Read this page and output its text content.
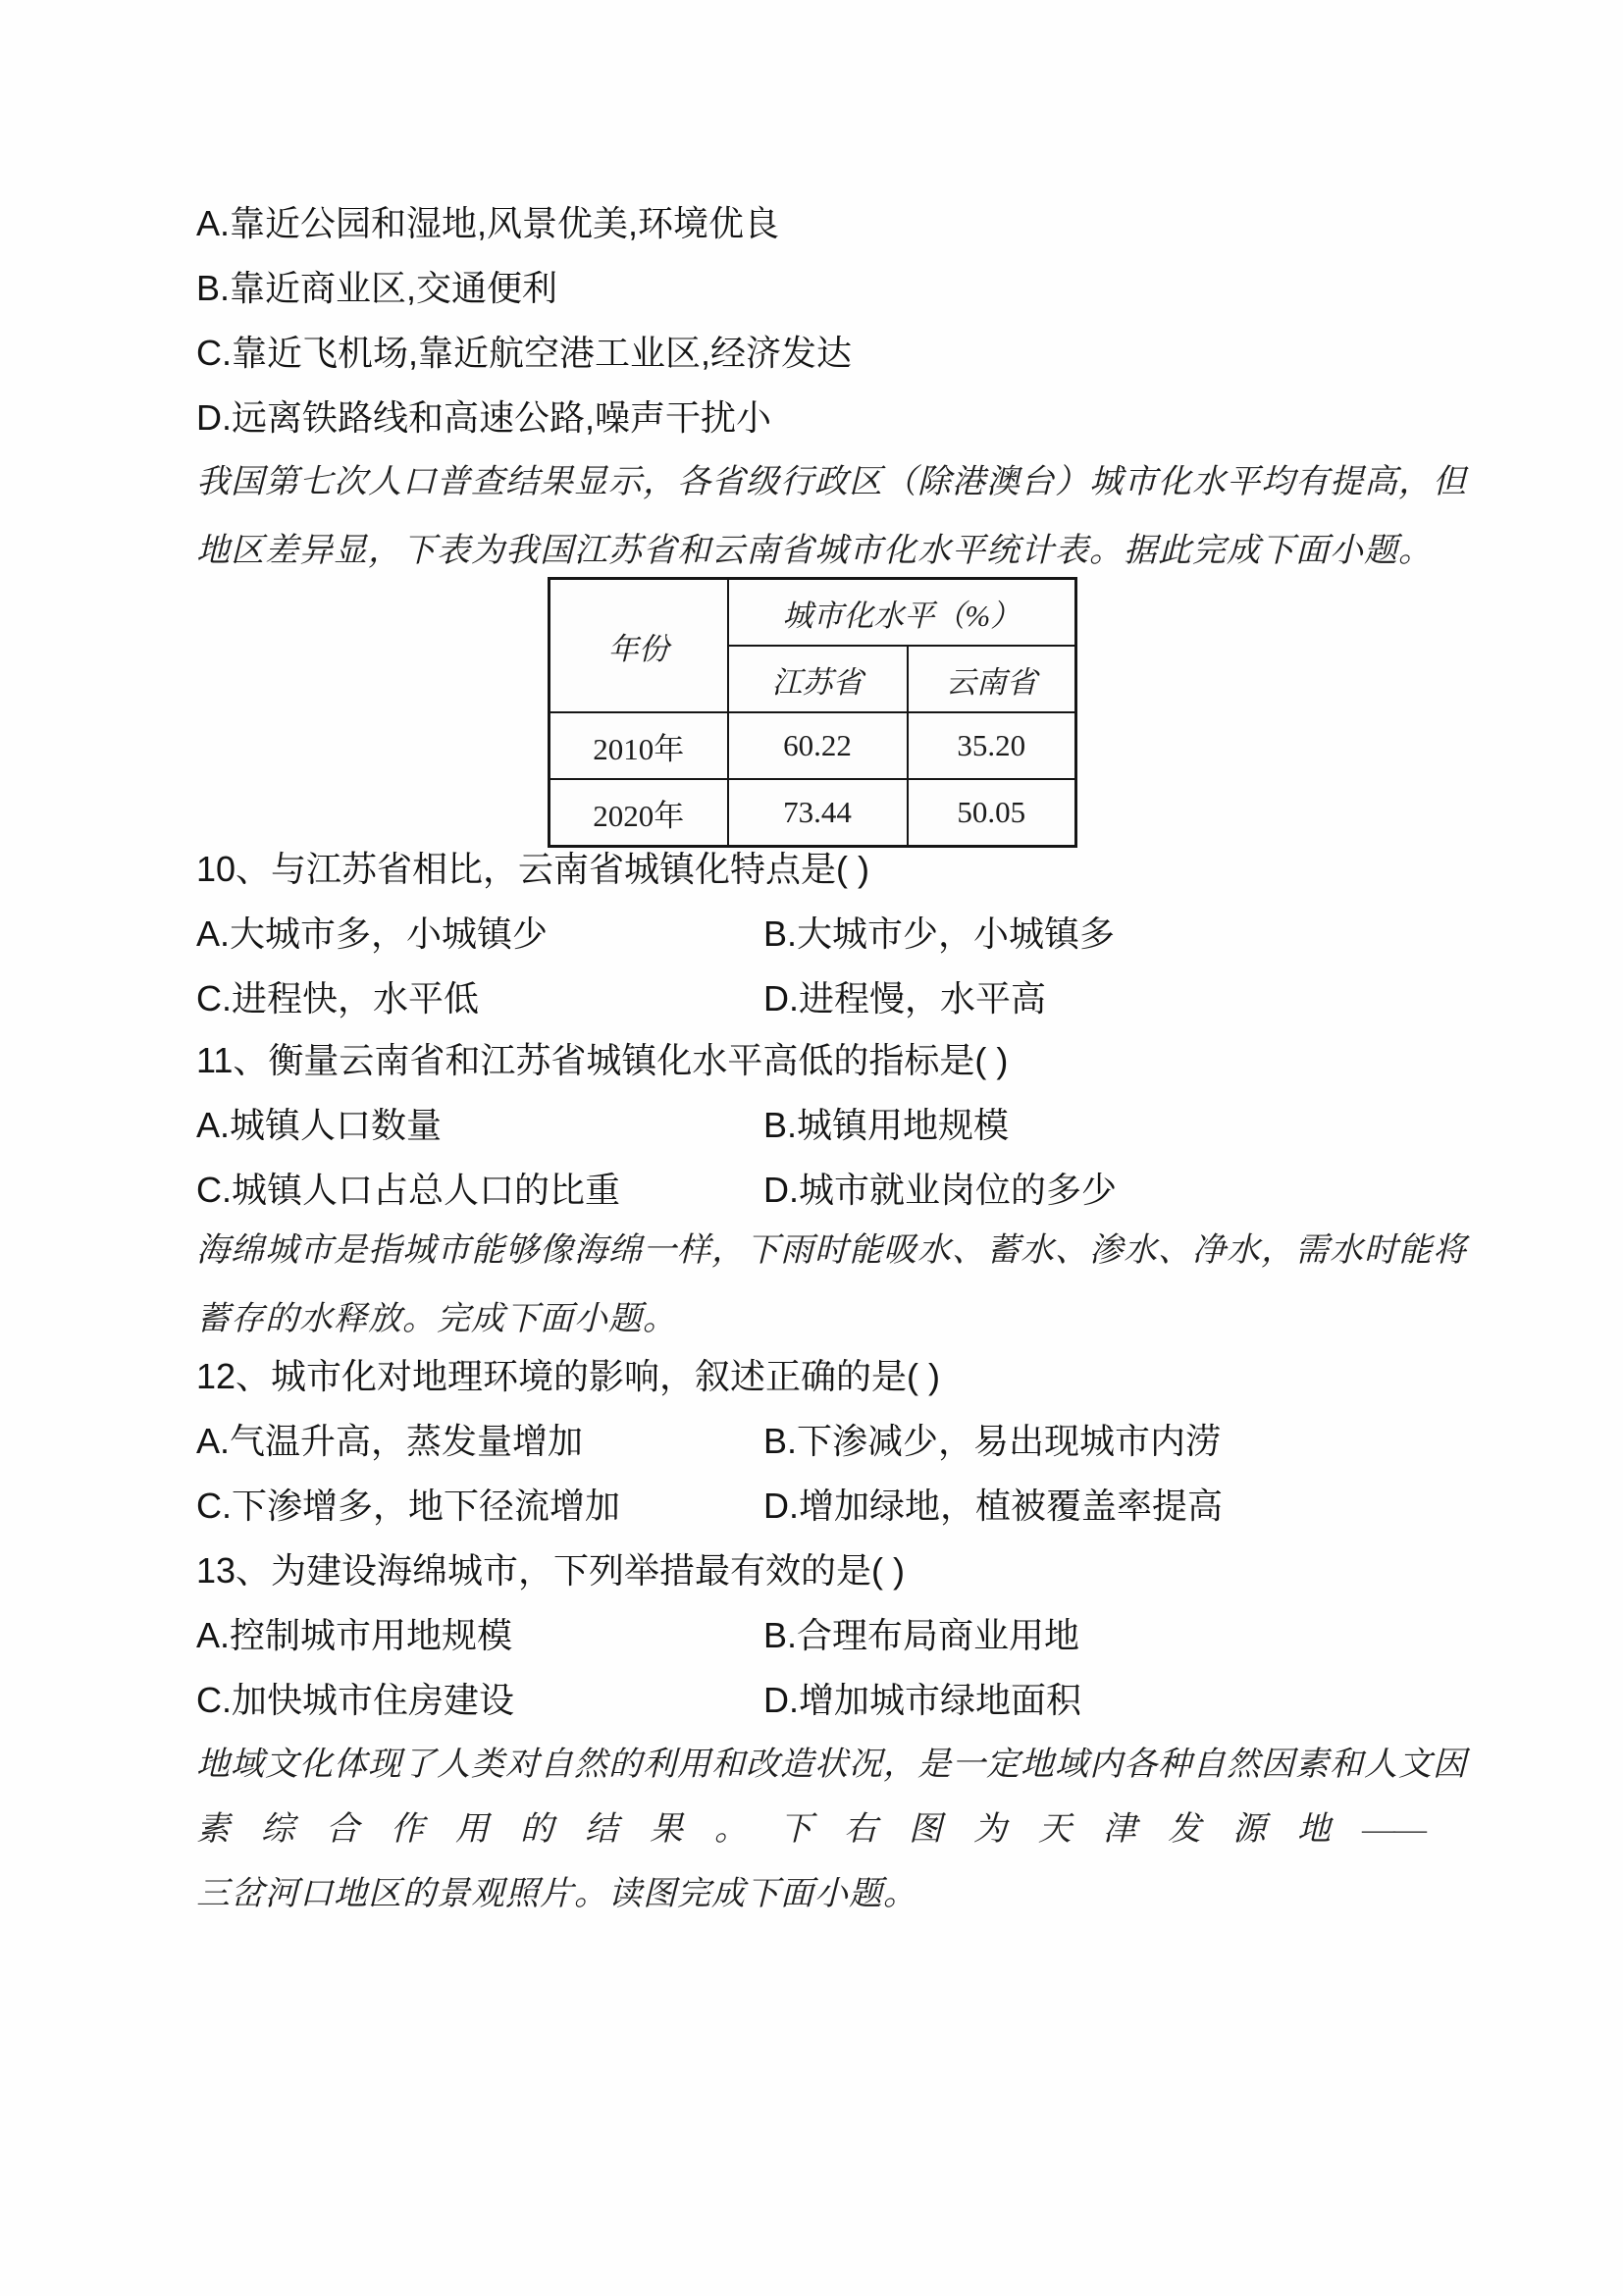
A.靠近公园和湿地,风景优美,环境优良
B.靠近商业区,交通便利
C.靠近飞机场,靠近航空港工业区,经济发达
D.远离铁路线和高速公路,噪声干扰小
我国第七次人口普查结果显示，各省级行政区（除港澳台）城市化水平均有提高，但
地区差异显，下表为我国江苏省和云南省城市化水平统计表。据此完成下面小题。
年份	城市化水平（%）	
	江苏省	云南省
2010年	60.22	35.20
2020年	73.44	50.05
10、与江苏省相比，云南省城镇化特点是( )
A.大城市多，小城镇少	B.大城市少，小城镇多
C.进程快，水平低	D.进程慢，水平高
11、衡量云南省和江苏省城镇化水平高低的指标是( )
A.城镇人口数量	B.城镇用地规模
C.城镇人口占总人口的比重	D.城市就业岗位的多少
海绵城市是指城市能够像海绵一样，下雨时能吸水、蓄水、渗水、净水，需水时能将
蓄存的水释放。完成下面小题。
12、城市化对地理环境的影响，叙述正确的是( )
A.气温升高，蒸发量增加	B.下渗减少，易出现城市内涝
C.下渗增多，地下径流增加	D.增加绿地，植被覆盖率提高
13、为建设海绵城市，下列举措最有效的是( )
A.控制城市用地规模	B.合理布局商业用地
C.加快城市住房建设	D.增加城市绿地面积
地域文化体现了人类对自然的利用和改造状况，是一定地域内各种自然因素和人文因
素综合作用的结果。下右图为天津发源地——
三岔河口地区的景观照片。读图完成下面小题。
